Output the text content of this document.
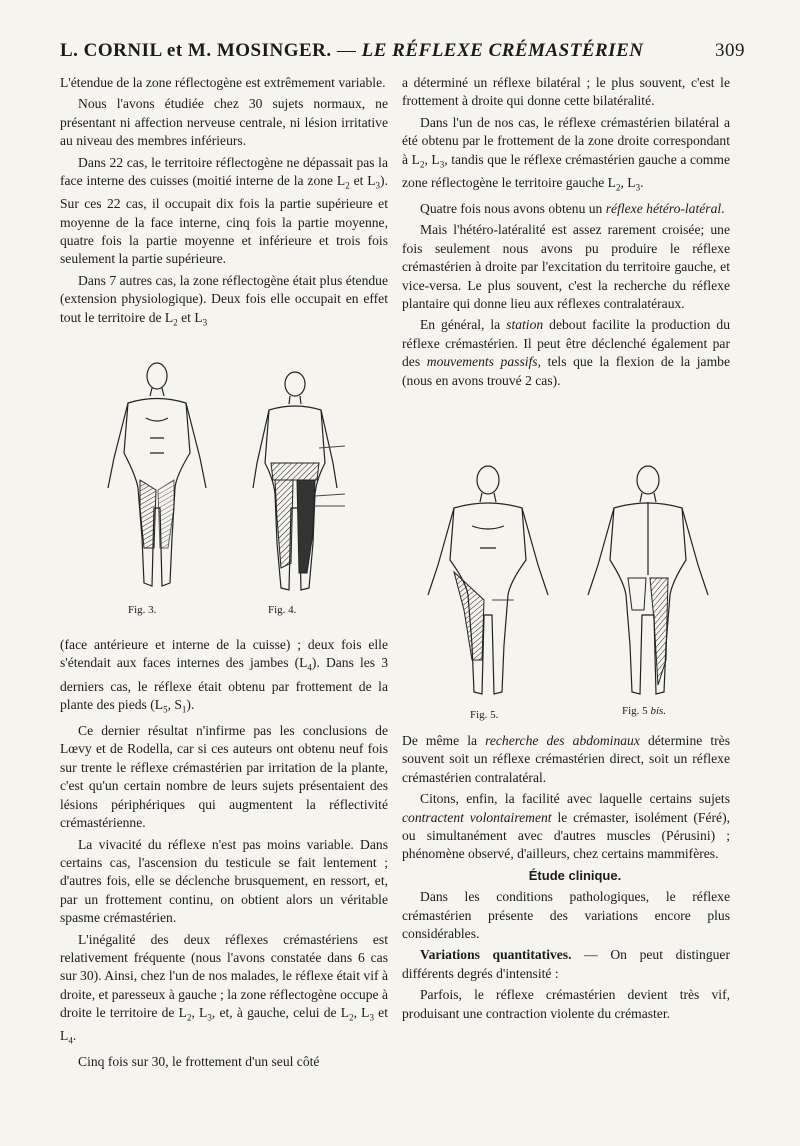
L. CORNIL et M. MOSINGER. — LE RÉFLEXE CRÉMASTÉRIEN	309

L'étendue de la zone réflectogène est extrêmement variable.

Nous l'avons étudiée chez 30 sujets normaux, ne présentant ni affection nerveuse centrale, ni lésion irritative au niveau des membres inférieurs.

Dans 22 cas, le territoire réflectogène ne dépassait pas la face interne des cuisses (moitié interne de la zone $L_2$ et $L_3$). Sur ces 22 cas, il occupait dix fois la partie supérieure et moyenne de la face interne, cinq fois la partie moyenne, quatre fois la partie moyenne et inférieure et trois fois seulement la partie supérieure.

Dans 7 autres cas, la zone réflectogène était plus étendue (extension physiologique). Deux fois elle occupait en effet tout le territoire de $L_2$ et $L_3$

Fig. 3.	Fig. 4.

(face antérieure et interne de la cuisse) ; deux fois elle s'étendait aux faces internes des jambes $(L_4)$. Dans les 3 derniers cas, le réflexe était obtenu par frottement de la plante des pieds ($L_5$, $S_1$).

Ce dernier résultat n'infirme pas les conclusions de Lœvy et de Rodella, car si ces auteurs ont obtenu neuf fois sur trente le réflexe crémastérien par irritation de la plante, c'est qu'un certain nombre de leurs sujets présentaient des lésions périphériques qui augmentent la réflectivité crémastérienne.

La vivacité du réflexe n'est pas moins variable. Dans certains cas, l'ascension du testicule se fait lentement ; d'autres fois, elle se déclenche brusquement, en ressort, et, par un frottement continu, on obtient alors un véritable spasme crémastérien.

L'inégalité des deux réflexes crémastériens est relativement fréquente (nous l'avons constatée dans 6 cas sur 30). Ainsi, chez l'un de nos malades, le réflexe était vif à droite, et paresseux à gauche ; la zone réflectogène occupe à droite le territoire de $L_2$, $L_3$, et, à gauche, celui de $L_2$, $L_3$ et $L_4$.

Cinq fois sur 30, le frottement d'un seul côté

a déterminé un réflexe bilatéral ; le plus souvent, c'est le frottement à droite qui donne cette bilatéralité.

Dans l'un de nos cas, le réflexe crémastérien bilatéral a été obtenu par le frottement de la zone droite correspondant à $L_2$, $L_3$, tandis que le réflexe crémastérien gauche a comme zone réflectogène le territoire gauche $L_2$, $L_3$.

Quatre fois nous avons obtenu un réflexe hétéro-latéral.

Mais l'hétéro-latéralité est assez rarement croisée; une fois seulement nous avons pu produire le réflexe crémastérien à droite par l'excitation du territoire gauche, et vice-versa. Le plus souvent, c'est la recherche du réflexe plantaire qui donne lieu aux réflexes contralatéraux.

En général, la station debout facilite la production du réflexe crémastérien. Il peut être déclenché également par des mouvements passifs, tels que la flexion de la jambe (nous en avons trouvé 2 cas).

Fig. 5.	Fig. 5 bis.

De même la recherche des abdominaux détermine très souvent soit un réflexe crémastérien direct, soit un réflexe crémastérien contralatéral.

Citons, enfin, la facilité avec laquelle certains sujets contractent volontairement le crémaster, isolément (Féré), ou simultanément avec d'autres muscles (Pérusini) ; phénomène observé, d'ailleurs, chez certains mammifères.

Étude clinique.

Dans les conditions pathologiques, le réflexe crémastérien présente des variations encore plus considérables.

Variations quantitatives. — On peut distinguer différents degrés d'intensité :

Parfois, le réflexe crémastérien devient très vif, produisant une contraction violente du crémaster.
